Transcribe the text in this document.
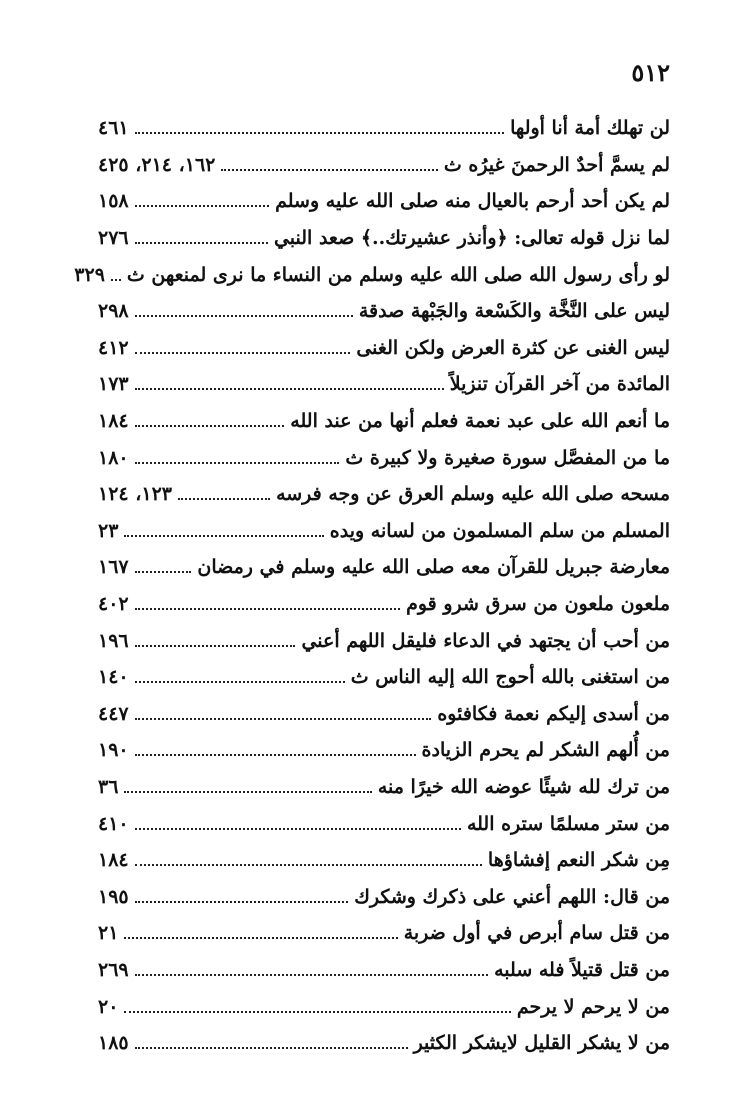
٥١٢
لن تهلك أمة أنا أولها
٤٦١
لم يسمَّ أحدٌ الرحمنَ غيرُه ث
١٦٢، ٢١٤، ٤٢٥
لم يكن أحد أرحم بالعيال منه صلى الله عليه وسلم
١٥٨
لما نزل قوله تعالى: ﴿وأنذر عشيرتك..﴾ صعد النبي
٢٧٦
لو رأى رسول الله صلى الله عليه وسلم من النساء ما نرى لمنعهن ث
٣٢٩
ليس على النَّخَّة والكَسْعة والجَبْهة صدقة
٢٩٨
ليس الغنى عن كثرة العرض ولكن الغنى
٤١٢
المائدة من آخر القرآن تنزيلاً
١٧٣
ما أنعم الله على عبد نعمة فعلم أنها من عند الله
١٨٤
ما من المفصَّل سورة صغيرة ولا كبيرة ث
١٨٠
مسحه صلى الله عليه وسلم العرق عن وجه فرسه
١٢٣، ١٢٤
المسلم من سلم المسلمون من لسانه ويده
٢٣
معارضة جبريل للقرآن معه صلى الله عليه وسلم في رمضان
١٦٧
ملعون ملعون من سرق شرو قوم
٤٠٢
من أحب أن يجتهد في الدعاء فليقل اللهم أعني
١٩٦
من استغنى بالله أحوج الله إليه الناس ث
١٤٠
من أسدى إليكم نعمة فكافئوه
٤٤٧
من أُلهم الشكر لم يحرم الزيادة
١٩٠
من ترك لله شيئًا عوضه الله خيرًا منه
٣٦
من ستر مسلمًا ستره الله
٤١٠
مِن شكر النعم إفشاؤها
١٨٤
من قال: اللهم أعني على ذكرك وشكرك
١٩٥
من قتل سام أبرص في أول ضربة
٢١
من قتل قتيلاً فله سلبه
٢٦٩
من لا يرحم لا يرحم
٢٠
من لا يشكر القليل لايشكر الكثير
١٨٥
